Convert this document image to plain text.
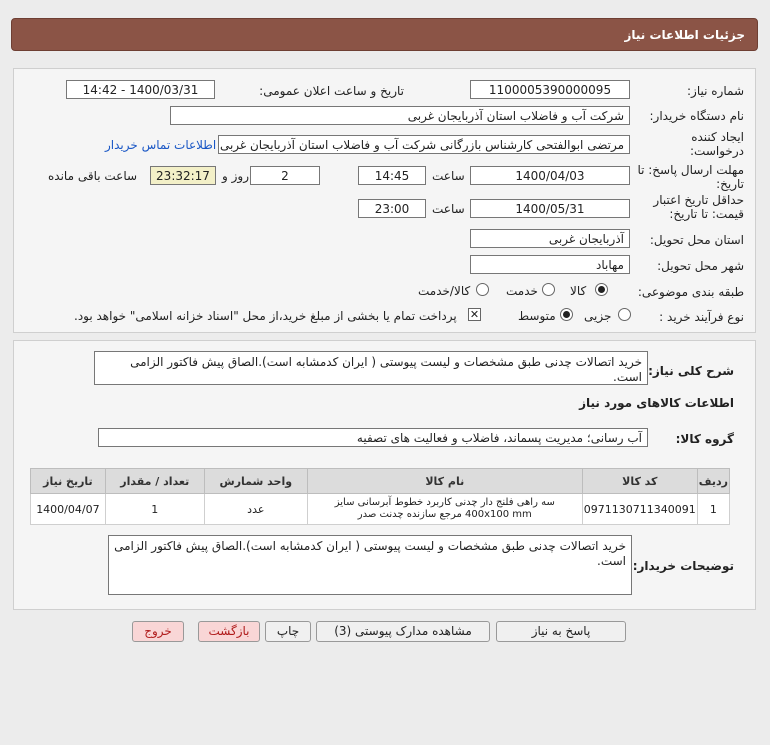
جزئیات اطلاعات نیاز
شماره نیاز:
1100005390000095
تاریخ و ساعت اعلان عمومی:
1400/03/31 - 14:42
نام دستگاه خریدار:
شرکت آب و فاضلاب استان آذربایجان غربی
ایجاد کننده درخواست:
مرتضی ابوالفتحی کارشناس بازرگانی شرکت آب و فاضلاب استان آذربایجان غربی
اطلاعات تماس خریدار
مهلت ارسال پاسخ: تا تاریخ:
1400/04/03
ساعت
14:45
2
روز و
23:32:17
ساعت باقی مانده
حداقل تاریخ اعتبار قیمت: تا تاریخ:
1400/05/31
ساعت
23:00
استان محل تحویل:
آذربایجان غربی
شهر محل تحویل:
مهاباد
طبقه بندی موضوعی:
کالا
خدمت
کالا/خدمت
نوع فرآیند خرید :
جزیی
متوسط
✕
پرداخت تمام یا بخشی از مبلغ خرید،از محل "اسناد خزانه اسلامی" خواهد بود.
شرح کلی نیاز:
خرید اتصالات چدنی طبق مشخصات و لیست پیوستی ( ایران کدمشابه است).الصاق پیش فاکتور الزامی است.
اطلاعات کالاهای مورد نیاز
گروه کالا:
آب رسانی؛ مدیریت پسماند، فاضلاب و فعالیت های تصفیه
ردیف	کد کالا	نام کالا	واحد شمارش	تعداد / مقدار	تاریخ نیاز
1	0971130711340091	سه راهی فلنج دار چدنی کاربرد خطوط آبرسانی سایز
400x100 mm مرجع سازنده چدنت صدر	عدد	1	1400/04/07
توضیحات خریدار:
خرید اتصالات چدنی طبق مشخصات و لیست پیوستی ( ایران کدمشابه است).الصاق پیش فاکتور الزامی است.
پاسخ به نیاز
مشاهده مدارک پیوستی (3)
چاپ
بازگشت
خروج
